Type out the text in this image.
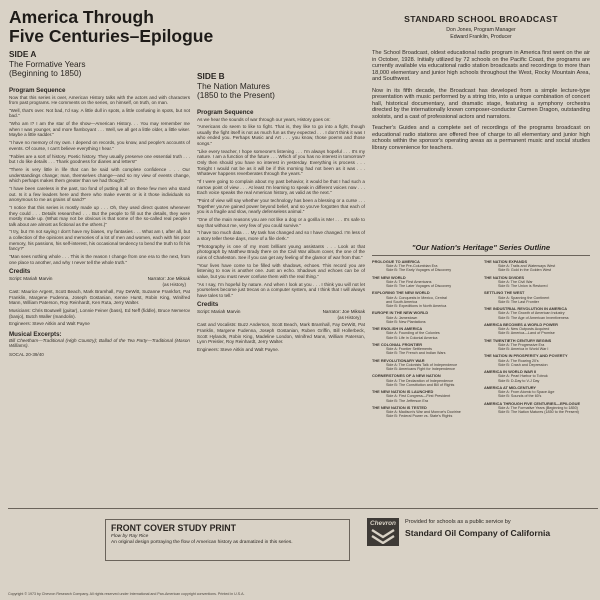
America Through
Five Centuries–Epilogue
SIDE A
The Formative Years
(Beginning to 1850)
Program Sequence

Now that this series is over, American History talks with the actors and with characters from past programs. He comments on the series, on himself, on truth, on man.

"Well, that's over. Not bad, I'd say. A little dull in spots, a little confusing in spots, but not bad."

"Who am I? I am the star of the show—American History. . . You may remember me when I was younger, and more flamboyant . . . Well, we all get a little older, a little wiser. Maybe a little sadder."

"I have no memory of my own. I depend on records, you know, and people's accounts of events. Of course, I can't believe everything I hear."

"Fables are a sort of history. Poetic history. They usually preserve one essential truth . . . but I do like details . . . Thank goodness for diaries and letters!"

"There is very little in life that can be said with complete confidence . . . Our understandings change; man, themselves change—and so my view of events change, which perhaps makes them greater than we had thought."

"I have been careless in the past, too fond of putting it all on these few men who stand out. Is it a few leaders here and there who make events or is it those individuals so anonymous to me as grains of sand?"

"I notice that this series is mostly made up . . . Oh, they used direct quotes whenever they could . . . Details researched . . . But the people to fill out the details, they were mostly made up. (What may not be obvious is that some of the so-called real people I talk about are almost as fictional as the others.)"

"I try, but I'm not saying I don't have my biases, my fantasies . . . What am I, after all, but a collection of the opinions and memories of a lot of men and women, each with his poor memory, his passions, his self-interest, his occasional tendency to bend the truth to fit his fancy?"

"Man sees nothing whole . . . This is the reason I change from one era to the next, from one place to another, and why I never tell the whole truth."

Credits
Script: Mariah Marvin	Narrator: Joe Miksak
(as History)
Cast: Maurice Argent, Scott Beach, Mark Bramhall, Fay DeWitt, Suzanne Frankfort, Pat Franklin, Margene Fudenna, Joseph Gostanian, Kenne Hurst, Robin King, Winifred Mann, William Paterson, Roy Reinhardt, Ken Ruta, Jerry Walter.
Musicians: Chris Boutwell (guitar), Lonnie Feiner (bass), Ed Neff (fiddle), Bruce Nemerov (banjo), Butch Waller (mandolin).
Engineers: Steve Aitkin and Walt Payne
Musical Excerpts:
Bill Cheetham—Traditional (High Country); Ballad of the Tea Party—Traditional (Mason Williams).
SOCAL 20-39/40
SIDE B
The Nation Matures
(1850 to the Present)
Program Sequence

As we hear the sounds of war through our years, History goes on:

"Americans do seem to like to fight. That is, they like to go into a fight, though usually the fight itself is not as much fun as they expected . . . I don't think it was I who ended you. Perhaps Music and Art . . . you know, those poems and those songs."

"Like every teacher, I hope someone's listening . . . I'm always hopeful . . . It's my nature. I am a function of the future . . . Which of you has no interest in tomorrow? Only then should you have no interest in yesterday. Everything is process . . . Tonight I would not be as it will be if this morning had not been as it was . . . Whatever happens reverberates through the years."

"If I were going to complain about my past behavior, it would be that I had such a narrow point of view . . . At least I'm learning to speak in different voices now . . . Each voice speaks the real American history, as valid as the next."

"Point of view will say whether your technology has been a blessing or a curse . . . Together you've gained power beyond belief, and so you've forgotten that each of you is a fragile and slow, nearly defenseless animal."

"One of the main reasons you are not like a dog or a gorilla is Me! . . . It's safe to say that without me, very few of you could survive."

"I have too much data . . . My task has changed and so I have changed. I'm less of a story teller these days, more of a file clerk."

"Photography is one of my most brilliant young assistants . . . Look at that photograph by Matthew Brady there on the Civil War album cover, the one of the ruins of Charleston. See if you can get any feeling of the glamor of war from that."

"Your lives have come to be filled with shadows, echoes. This record you are listening to now is another one. Just an echo. Shadows and echoes can be of value, but you must never confuse them with the real thing."

"As I say, I'm hopeful by nature. And when I look at you . . . I think you will not let yourselves become just trecas on a computer system, and I think that I will always have tales to tell."

Credits
Script: Mariah Marvin	Narrator: Joe Miksak
(as History)
Cast and Vocalists: Buzz Anderson, Scott Beach, Mark Bramhall, Fay DeWitt, Pat Franklin, Margene Fudenna, Joseph Gostanian, Ruben Griffin, Bill Hollerbeck, Scott Hylands, Robin King, Madeline London, Winifred Mann, William Paterson, Lynn Preisler, Roy Reinhardt, Jerry Walter.
Engineers: Steve Aitkin and Walt Payne.
STANDARD SCHOOL BROADCAST
Don Jones, Program Manager
Edward Franklin, Producer

The School Broadcast, oldest educational radio program in America first went on the air in October, 1928. Initially utilized by 72 schools on the Pacific Coast, the programs are currently available via educational radio station broadcasts and recordings to more than 18,000 elementary and junior high schools throughout the West, Rocky Mountain Area, and Southwest.

Now in its fifth decade, the Broadcast has developed from a simple lecture-type presentation with music performed by a string trio, into a unique combination of concert hall, historical documentary, and dramatic stage, featuring a symphony orchestra directed by the internationally known composer-conductor Carmen Dragon, outstanding soloists, and a cast of professional actors and narrators.

Teacher's Guides and a complete set of recordings of the programs broadcast on educational radio stations are offered free of charge to all elementary and junior high schools within the sponsor's operating areas as a permanent music and social studies library convenience for teachers.

"Our Nation's Heritage" Series Outline
PROLOGUE TO AMERICA
Side A: The Pre-Columbian Era
Side B: The Early Voyages of Discovery
THE NEW WORLD
Side A: The First Americans
Side B: The Later Voyages of Discovery
EXPLORING THE NEW WORLD
Side A: Conquests in Mexico, Central
and South America
Side B: Expeditions in North America
EUROPE IN THE NEW WORLD
Side A: Jamestown
Side B: New Plantations
THE ENGLISH IN AMERICA
Side A: Founding of the Colonies
Side B: Life in Colonial America
THE COLONIAL FRONTIER
Side A: Frontier Settlements
Side B: The French and Indian Wars
THE REVOLUTIONARY WAR
Side A: The Colonists Talk of Independence
Side B: Americans Fight for Independence
CORNERSTONES OF A NEW NATION
Side A: The Declaration of Independence
Side B: The Constitution and Bill of Rights
THE NEW NATION IS LAUNCHED
Side A: First Congress—First President
Side B: The Jefferson Era
THE NEW NATION IS TESTED
Side A: Madison's War and Monroe's Doctrine
Side B: Federal Power vs. State's Rights
THE NATION EXPANDS
Side A: Trails and Waterways West
Side B: Gold in the Golden West
THE NATION DIVIDES
Side A: The Civil War
Side B: The Union is Restored
SETTLING THE WEST
Side A: Spanning the Continent
Side B: The Last Frontier
THE INDUSTRIAL REVOLUTION IN AMERICA
Side A: The Growth of American Industry
Side B: The Age of American Inventiveness
AMERICA BECOMES A WORLD POWER
Side A: New Outposts Acquired
Side B: America—Land of Promise
THE TWENTIETH CENTURY BEGINS
Side A: The Progressive Era
Side B: America in World War I
THE NATION IN PROSPERITY AND POVERTY
Side A: The Roaring 20's
Side B: Crash and Depression
AMERICA IN WORLD WAR II
Side A: Pearl Harbor to Tobruk
Side B: D-Day to V-J Day
AMERICA AT MID-CENTURY
Side A: From Atomic to Space Age
Side B: Sounds of the 60's
AMERICA THROUGH FIVE CENTURIES—EPILOGUE
Side A: The Formative Years (Beginning to 1850)
Side B: The Nation Matures (1850 to the Present)
FRONT COVER STUDY PRINT
Flow by Ray Rice
An original design portraying the flow of American history as dramatized in this series.
Chevron Provided for schools as a public service by
Standard Oil Company of California
Copyright © 1973 by Chevron Research Company. All rights reserved under International and Pan-American copyright conventions. Printed in U.S.A.
